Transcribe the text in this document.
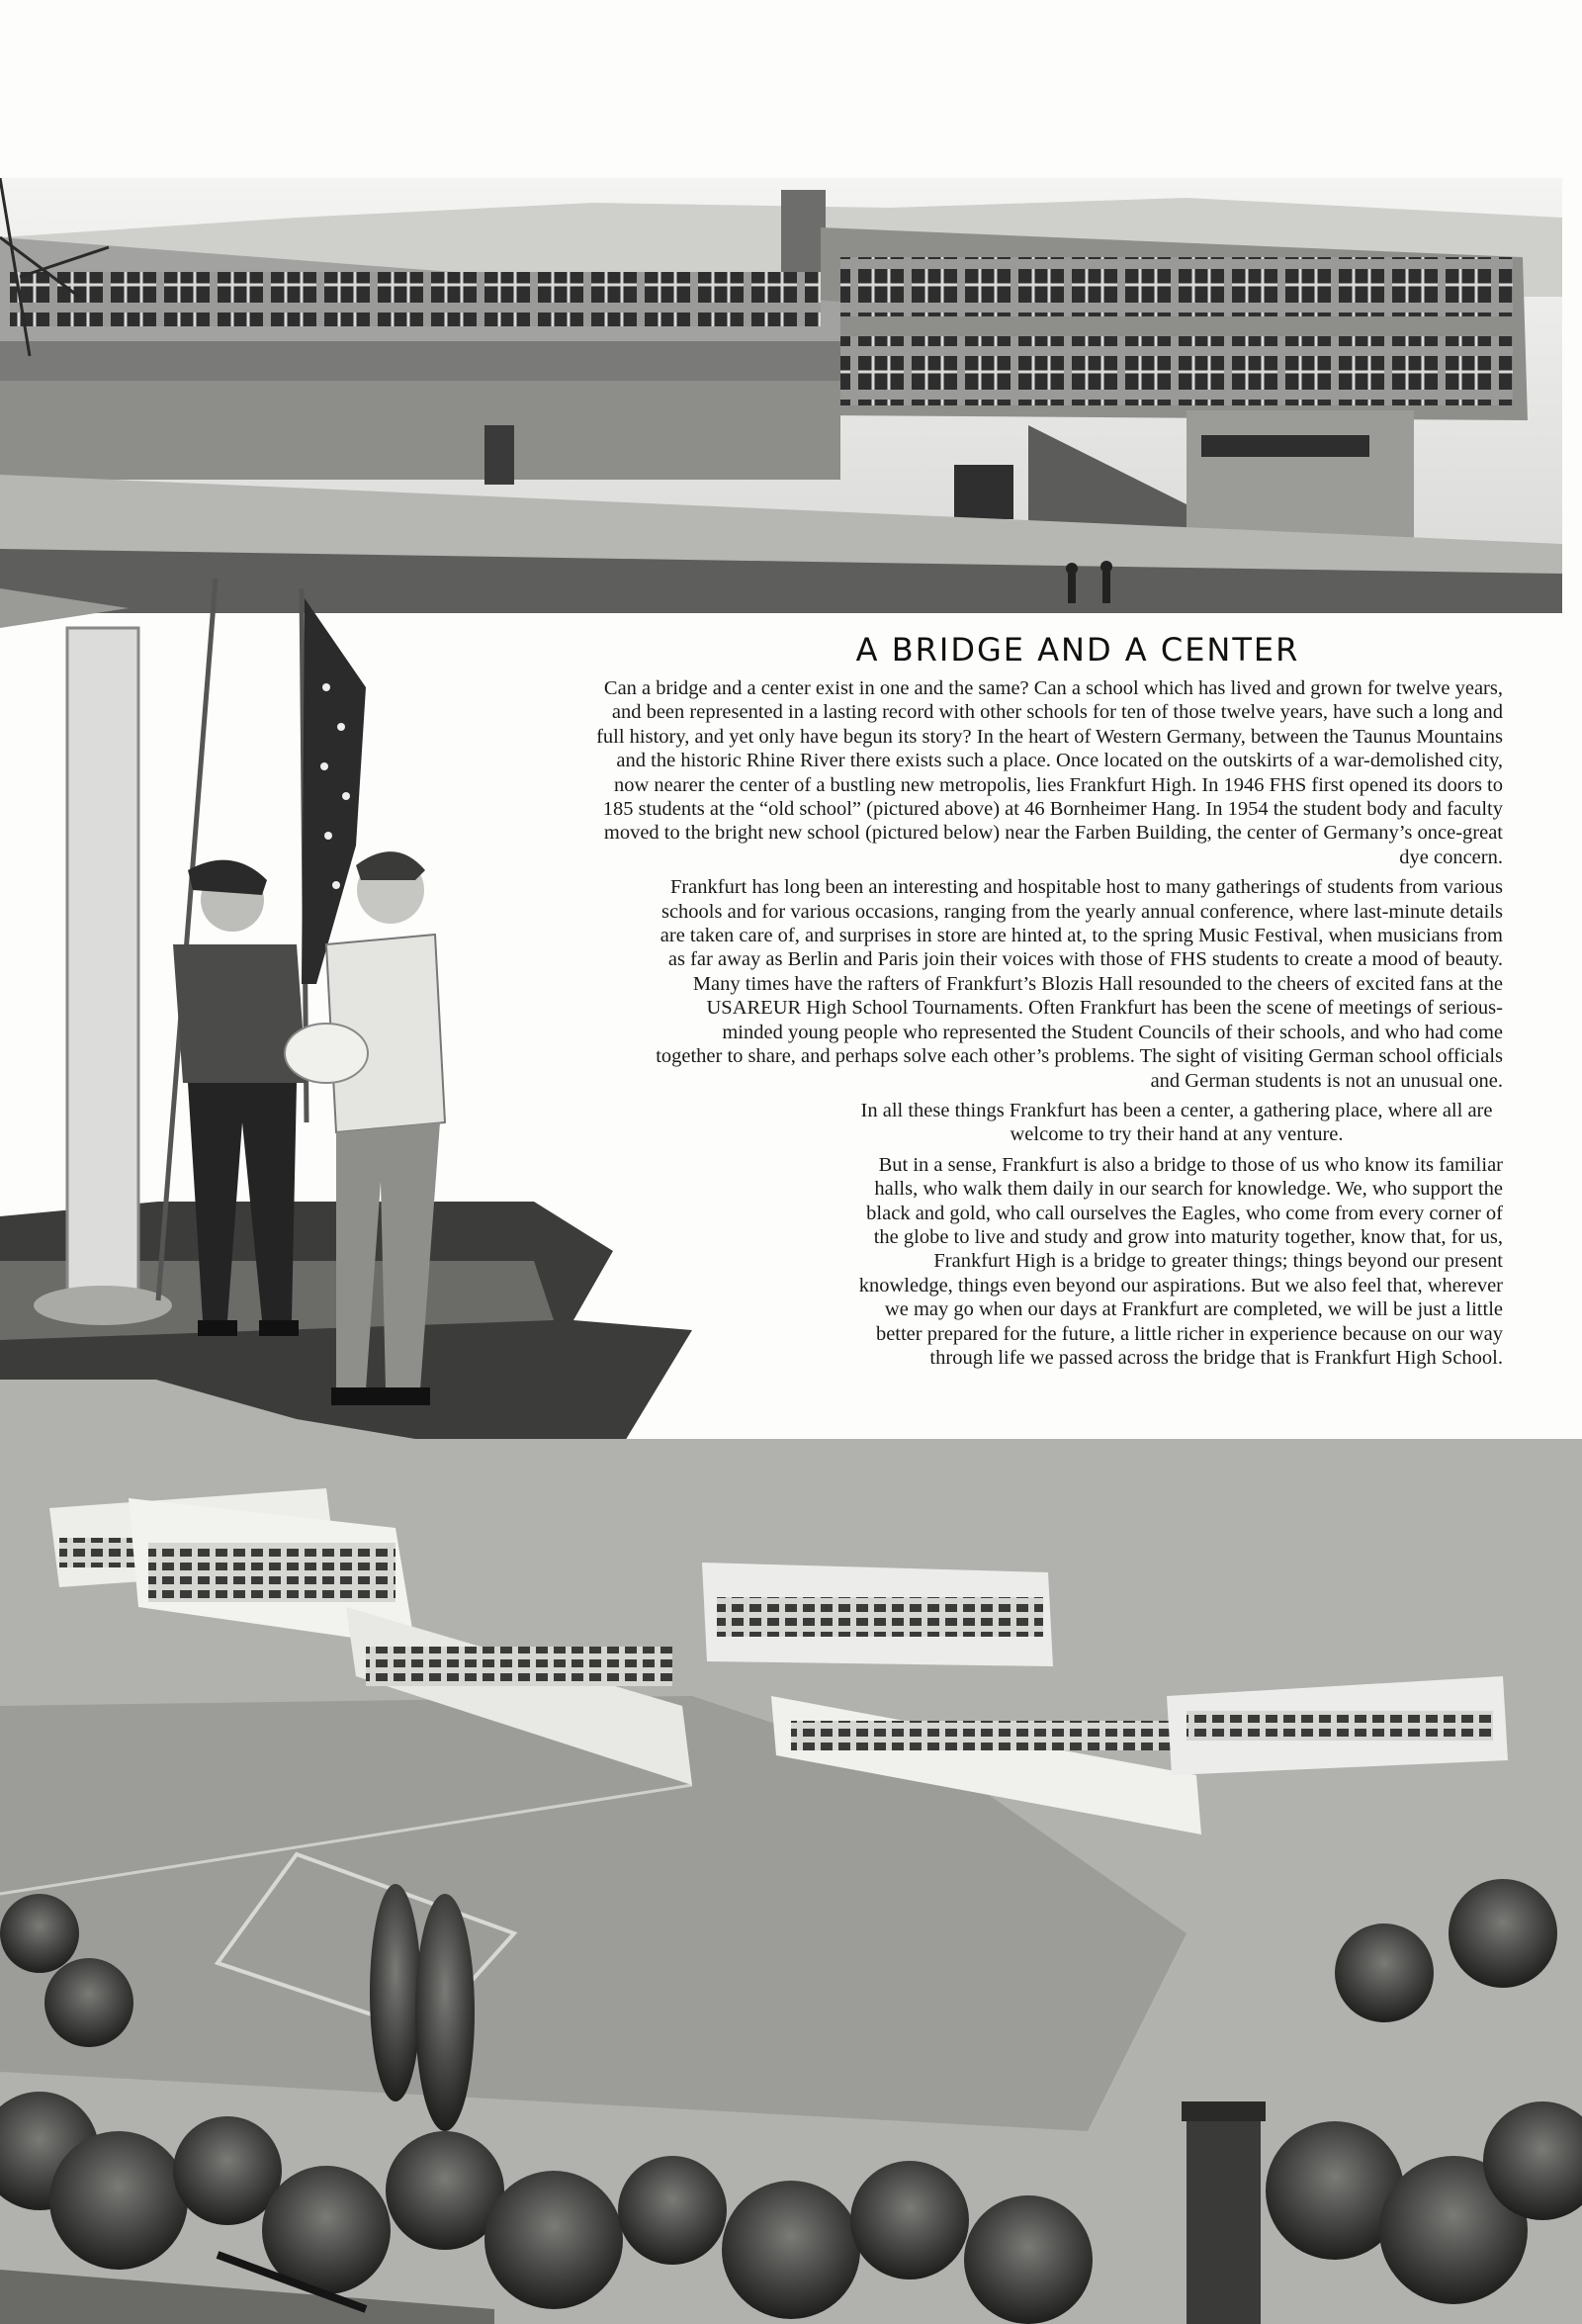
A BRIDGE AND A CENTER

Can a bridge and a center exist in one and the same? Can a school which has lived and grown for twelve years, and been represented in a lasting record with other schools for ten of those twelve years, have such a long and full history, and yet only have begun its story? In the heart of Western Germany, between the Taunus Mountains and the historic Rhine River there exists such a place. Once located on the outskirts of a war-demolished city, now nearer the center of a bustling new metropolis, lies Frankfurt High. In 1946 FHS first opened its doors to 185 students at the “old school” (pictured above) at 46 Bornheimer Hang. In 1954 the student body and faculty moved to the bright new school (pictured below) near the Farben Building, the center of Germany’s once-great dye concern.

Frankfurt has long been an interesting and hospitable host to many gatherings of students from various schools and for various occasions, ranging from the yearly annual conference, where last-minute details are taken care of, and surprises in store are hinted at, to the spring Music Festival, when musicians from as far away as Berlin and Paris join their voices with those of FHS students to create a mood of beauty. Many times have the rafters of Frankfurt’s Blozis Hall resounded to the cheers of excited fans at the USAREUR High School Tournaments. Often Frankfurt has been the scene of meetings of serious-minded young people who represented the Student Councils of their schools, and who had come together to share, and perhaps solve each other’s problems. The sight of visiting German school officials and German students is not an unusual one.

In all these things Frankfurt has been a center, a gathering place, where all are welcome to try their hand at any venture.

But in a sense, Frankfurt is also a bridge to those of us who know its familiar halls, who walk them daily in our search for knowledge. We, who support the black and gold, who call ourselves the Eagles, who come from every corner of the globe to live and study and grow into maturity together, know that, for us, Frankfurt High is a bridge to greater things; things beyond our present knowledge, things even beyond our aspirations. But we also feel that, wherever we may go when our days at Frankfurt are completed, we will be just a little better prepared for the future, a little richer in experience because on our way through life we passed across the bridge that is Frankfurt High School.
